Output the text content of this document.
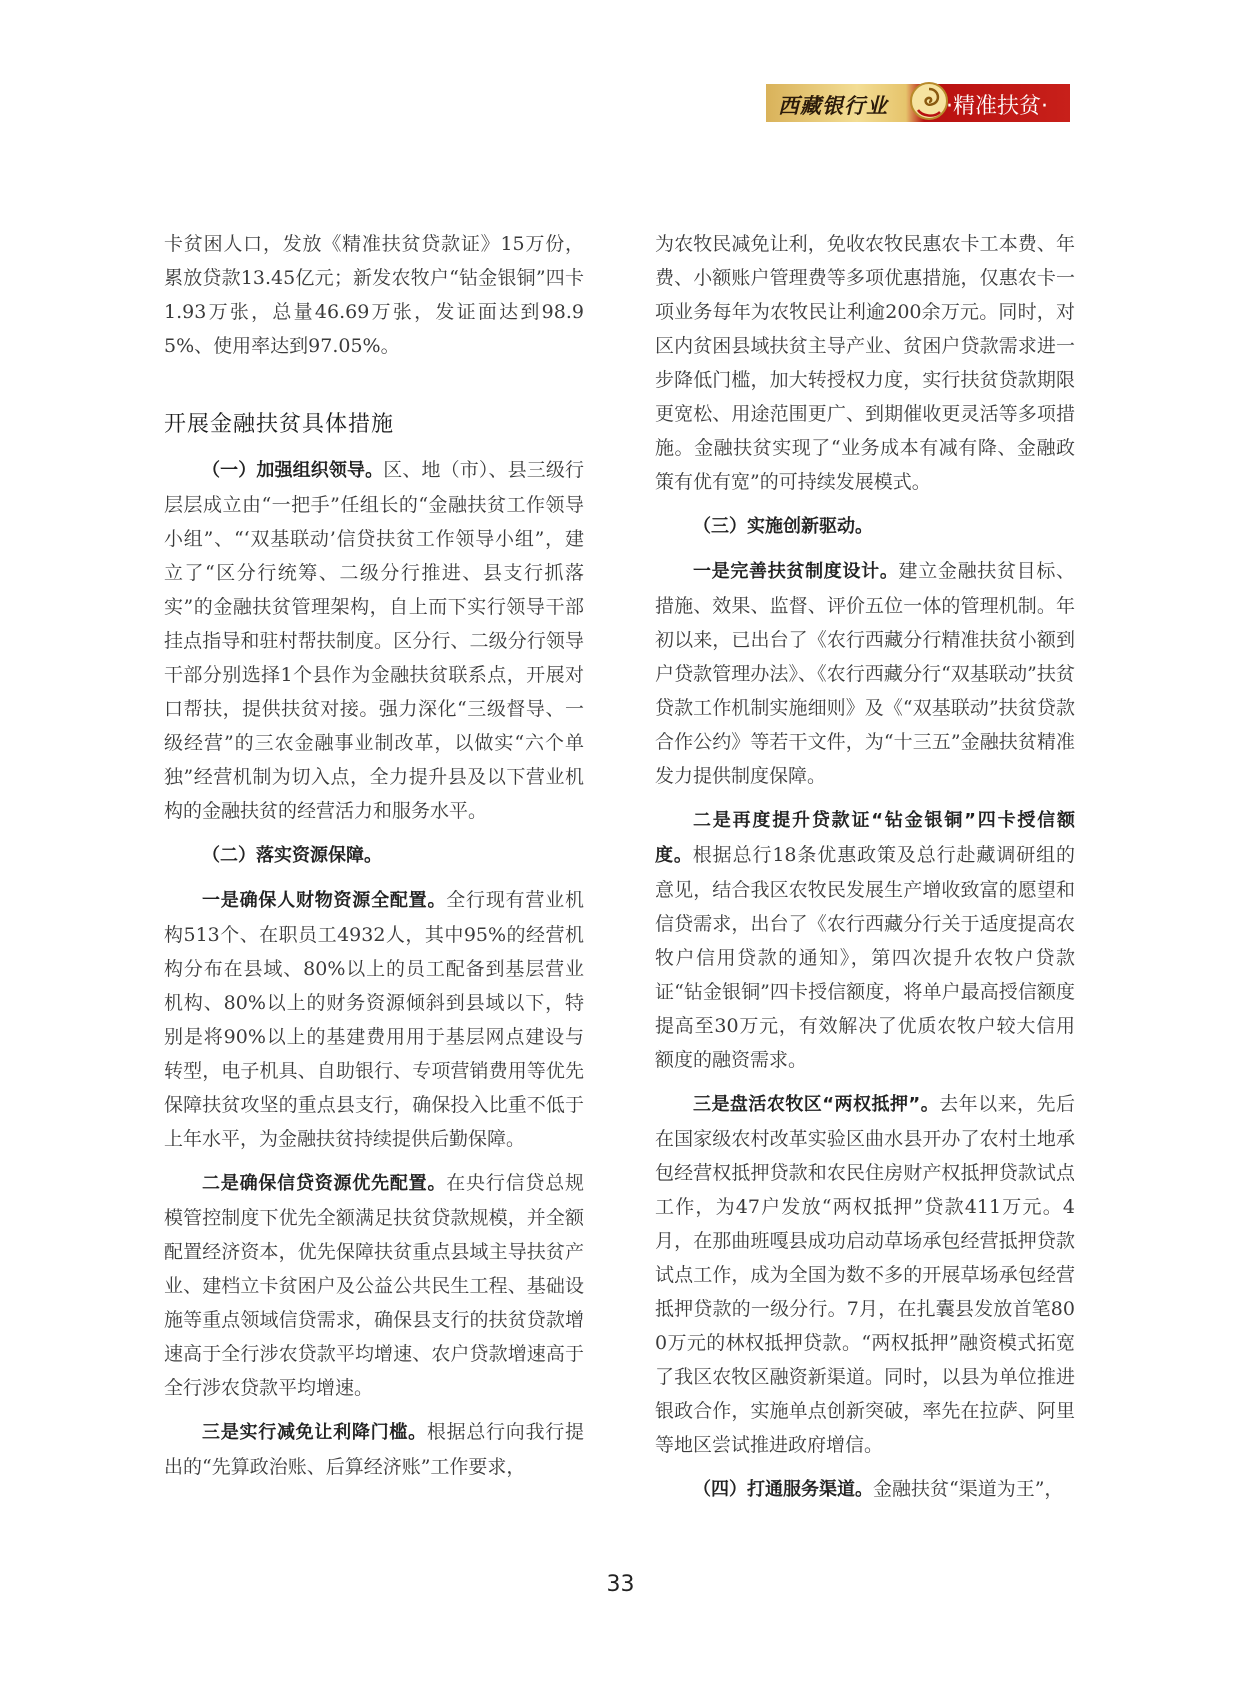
西藏银行业	·精准扶贫·

卡贫困人口，发放《精准扶贫贷款证》15万份，累放贷款13.45亿元；新发农牧户“钻金银铜”四卡1.93万张，总量46.69万张，发证面达到98.95%、使用率达到97.05%。

开展金融扶贫具体措施

（一）加强组织领导。区、地（市）、县三级行层层成立由“一把手”任组长的“金融扶贫工作领导小组”、“‘双基联动’信贷扶贫工作领导小组”，建立了“区分行统筹、二级分行推进、县支行抓落实”的金融扶贫管理架构，自上而下实行领导干部挂点指导和驻村帮扶制度。区分行、二级分行领导干部分别选择1个县作为金融扶贫联系点，开展对口帮扶，提供扶贫对接。强力深化“三级督导、一级经营”的三农金融事业制改革，以做实“六个单独”经营机制为切入点，全力提升县及以下营业机构的金融扶贫的经营活力和服务水平。

（二）落实资源保障。

一是确保人财物资源全配置。全行现有营业机构513个、在职员工4932人，其中95%的经营机构分布在县域、80%以上的员工配备到基层营业机构、80%以上的财务资源倾斜到县域以下，特别是将90%以上的基建费用用于基层网点建设与转型，电子机具、自助银行、专项营销费用等优先保障扶贫攻坚的重点县支行，确保投入比重不低于上年水平，为金融扶贫持续提供后勤保障。

二是确保信贷资源优先配置。在央行信贷总规模管控制度下优先全额满足扶贫贷款规模，并全额配置经济资本，优先保障扶贫重点县域主导扶贫产业、建档立卡贫困户及公益公共民生工程、基础设施等重点领域信贷需求，确保县支行的扶贫贷款增速高于全行涉农贷款平均增速、农户贷款增速高于全行涉农贷款平均增速。

三是实行减免让利降门槛。根据总行向我行提出的“先算政治账、后算经济账”工作要求，

为农牧民减免让利，免收农牧民惠农卡工本费、年费、小额账户管理费等多项优惠措施，仅惠农卡一项业务每年为农牧民让利逾200余万元。同时，对区内贫困县域扶贫主导产业、贫困户贷款需求进一步降低门槛，加大转授权力度，实行扶贫贷款期限更宽松、用途范围更广、到期催收更灵活等多项措施。金融扶贫实现了“业务成本有减有降、金融政策有优有宽”的可持续发展模式。

（三）实施创新驱动。

一是完善扶贫制度设计。建立金融扶贫目标、措施、效果、监督、评价五位一体的管理机制。年初以来，已出台了《农行西藏分行精准扶贫小额到户贷款管理办法》、《农行西藏分行“双基联动”扶贫贷款工作机制实施细则》及《“双基联动”扶贫贷款合作公约》等若干文件，为“十三五”金融扶贫精准发力提供制度保障。

二是再度提升贷款证“钻金银铜”四卡授信额度。根据总行18条优惠政策及总行赴藏调研组的意见，结合我区农牧民发展生产增收致富的愿望和信贷需求，出台了《农行西藏分行关于适度提高农牧户信用贷款的通知》，第四次提升农牧户贷款证“钻金银铜”四卡授信额度，将单户最高授信额度提高至30万元，有效解决了优质农牧户较大信用额度的融资需求。

三是盘活农牧区“两权抵押”。去年以来，先后在国家级农村改革实验区曲水县开办了农村土地承包经营权抵押贷款和农民住房财产权抵押贷款试点工作，为47户发放“两权抵押”贷款411万元。4月，在那曲班嘎县成功启动草场承包经营抵押贷款试点工作，成为全国为数不多的开展草场承包经营抵押贷款的一级分行。7月，在扎囊县发放首笔800万元的林权抵押贷款。“两权抵押”融资模式拓宽了我区农牧区融资新渠道。同时，以县为单位推进银政合作，实施单点创新突破，率先在拉萨、阿里等地区尝试推进政府增信。

（四）打通服务渠道。金融扶贫“渠道为王”，

33
